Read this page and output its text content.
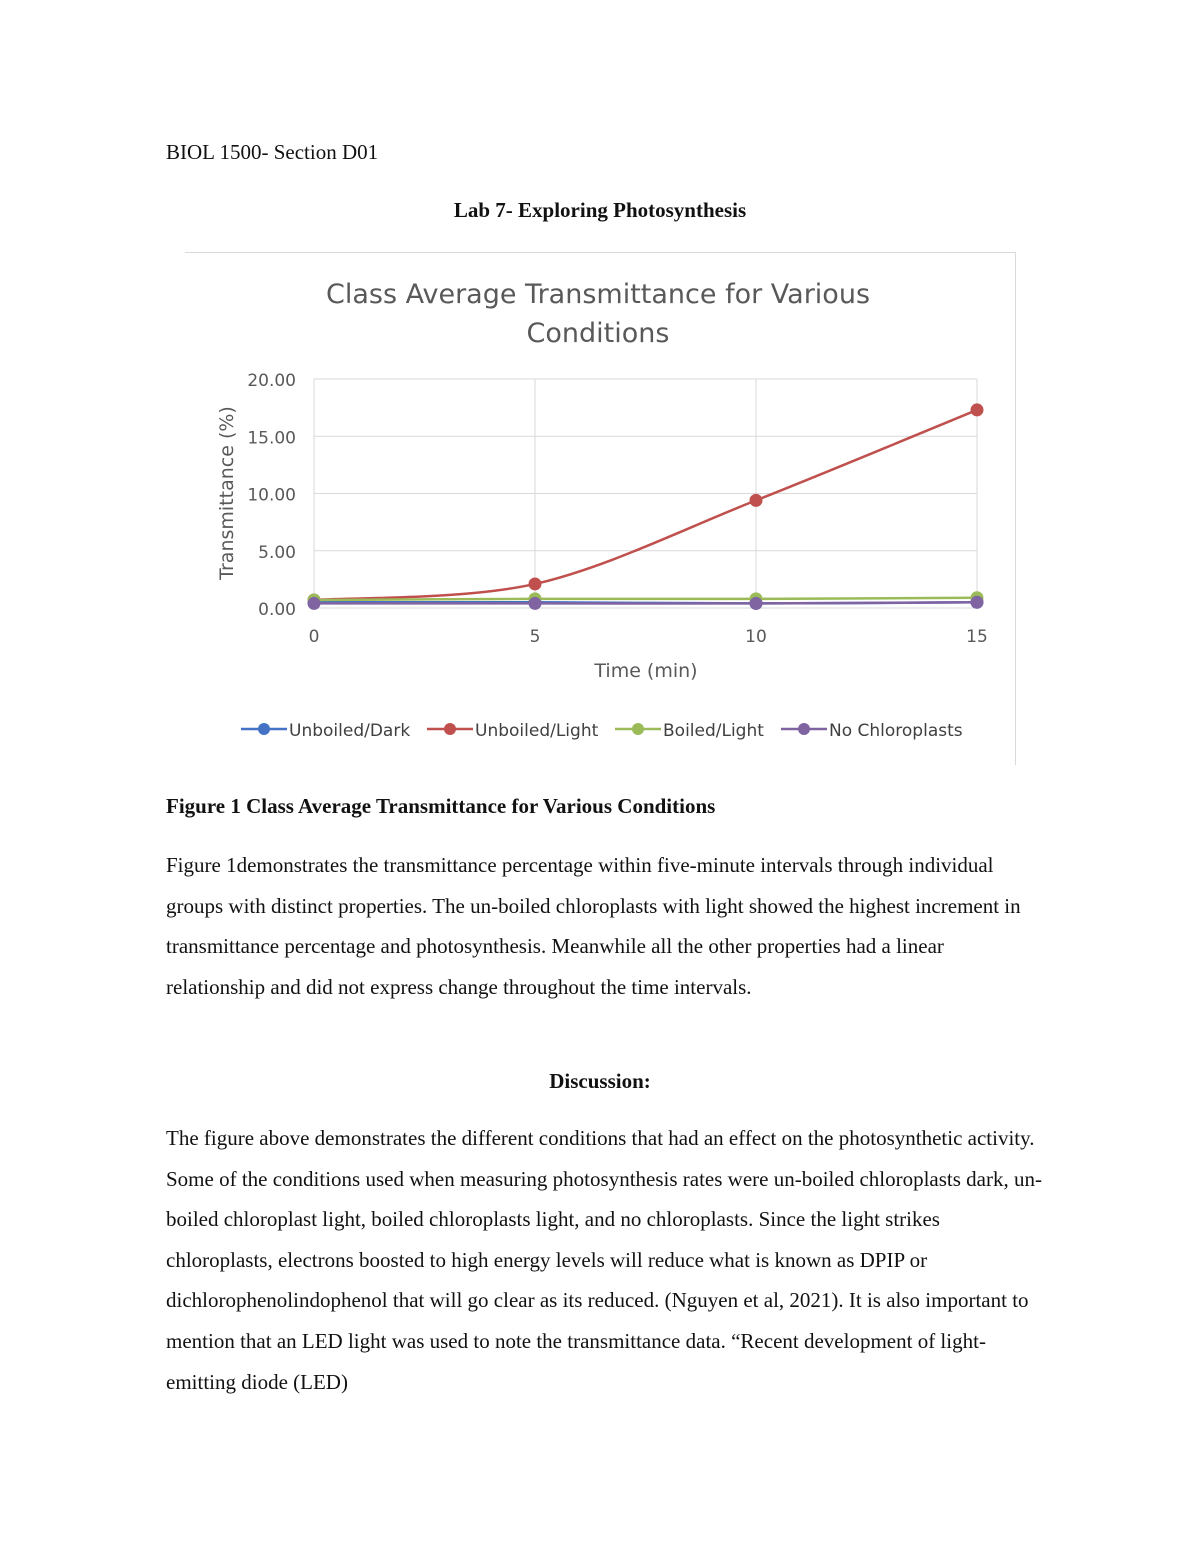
BIOL 1500- Section D01
Lab 7- Exploring Photosynthesis
Class Average Transmittance for Various
Conditions
0.00
5.00
10.00
15.00
20.00
0	5	10	15
Transmittance (%)
Time (min)
Unboiled/Dark	Unboiled/Light	Boiled/Light	No Chloroplasts
Figure 1 Class Average Transmittance for Various Conditions
Figure 1demonstrates the transmittance percentage within five-minute intervals through individual groups with distinct properties. The un-boiled chloroplasts with light showed the highest increment in transmittance percentage and photosynthesis. Meanwhile all the other properties had a linear relationship and did not express change throughout the time intervals.
Discussion:
The figure above demonstrates the different conditions that had an effect on the photosynthetic activity. Some of the conditions used when measuring photosynthesis rates were un-boiled chloroplasts dark, un-boiled chloroplast light, boiled chloroplasts light, and no chloroplasts. Since the light strikes chloroplasts, electrons boosted to high energy levels will reduce what is known as DPIP or dichlorophenolindophenol that will go clear as its reduced. (Nguyen et al, 2021). It is also important to mention that an LED light was used to note the transmittance data. “Recent development of light-emitting diode (LED)
